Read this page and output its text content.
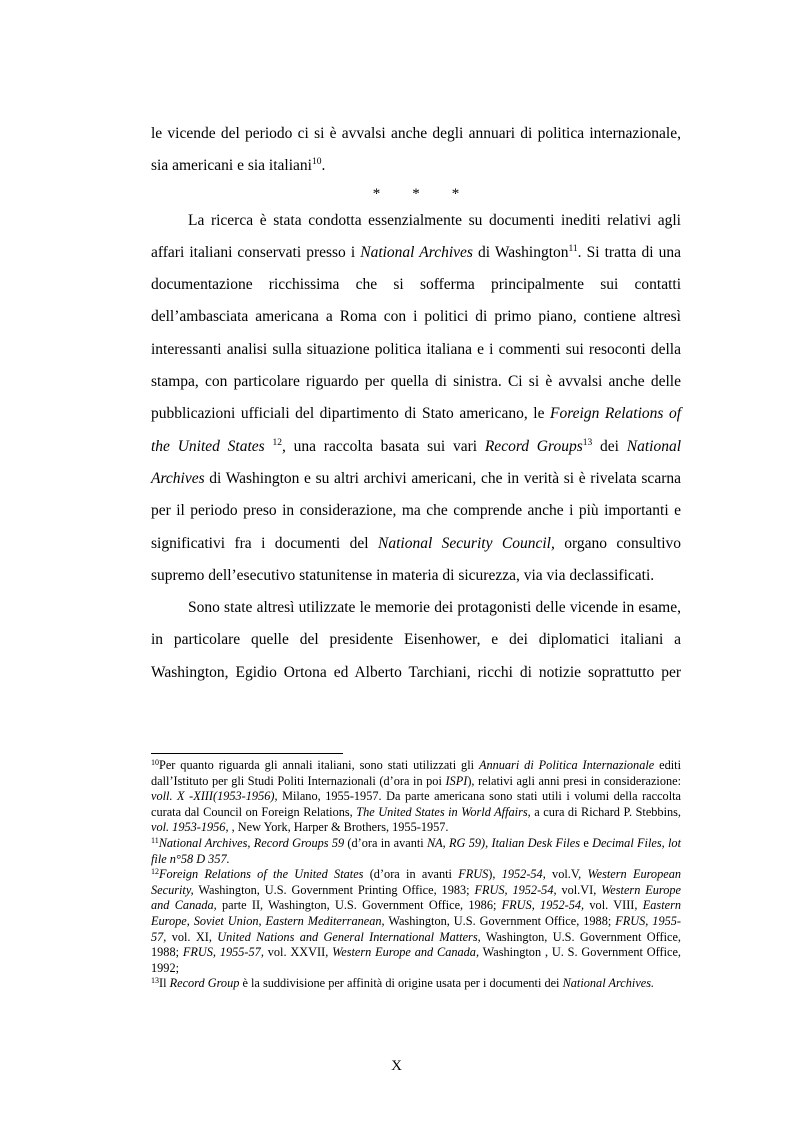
le vicende del periodo ci si è avvalsi anche degli annuari di politica internazionale, sia americani e sia italiani$^{10}$.

* * *

La ricerca è stata condotta essenzialmente su documenti inediti relativi agli affari italiani conservati presso i National Archives di Washington$^{11}$. Si tratta di una documentazione ricchissima che si sofferma principalmente sui contatti dell’ambasciata americana a Roma con i politici di primo piano, contiene altresì interessanti analisi sulla situazione politica italiana e i commenti sui resoconti della stampa, con particolare riguardo per quella di sinistra. Ci si è avvalsi anche delle pubblicazioni ufficiali del dipartimento di Stato americano, le Foreign Relations of the United States $^{12}$, una raccolta basata sui vari Record Groups$^{13}$ dei National Archives di Washington e su altri archivi americani, che in verità si è rivelata scarna per il periodo preso in considerazione, ma che comprende anche i più importanti e significativi fra i documenti del National Security Council, organo consultivo supremo dell’esecutivo statunitense in materia di sicurezza, via via declassificati.

Sono state altresì utilizzate le memorie dei protagonisti delle vicende in esame, in particolare quelle del presidente Eisenhower, e dei diplomatici italiani a Washington, Egidio Ortona ed Alberto Tarchiani, ricchi di notizie soprattutto per

$^{10}$Per quanto riguarda gli annali italiani, sono stati utilizzati gli Annuari di Politica Internazionale editi dall’Istituto per gli Studi Politi Internazionali (d’ora in poi ISPI), relativi agli anni presi in considerazione: voll. X -XIII(1953-1956), Milano, 1955-1957. Da parte americana sono stati utili i volumi della raccolta curata dal Council on Foreign Relations, The United States in World Affairs, a cura di Richard P. Stebbins, vol. 1953-1956, , New York, Harper & Brothers, 1955-1957.

$^{11}$National Archives, Record Groups 59 (d’ora in avanti NA, RG 59), Italian Desk Files e Decimal Files, lot file n°58 D 357.

$^{12}$Foreign Relations of the United States (d’ora in avanti FRUS), 1952-54, vol.V, Western European Security, Washington, U.S. Government Printing Office, 1983; FRUS, 1952-54, vol.VI, Western Europe and Canada, parte II, Washington, U.S. Government Office, 1986; FRUS, 1952-54, vol. VIII, Eastern Europe, Soviet Union, Eastern Mediterranean, Washington, U.S. Government Office, 1988; FRUS, 1955-57, vol. XI, United Nations and General International Matters, Washington, U.S. Government Office, 1988; FRUS, 1955-57, vol. XXVII, Western Europe and Canada, Washington , U. S. Government Office, 1992;

$^{13}$Il Record Group è la suddivisione per affinità di origine usata per i documenti dei National Archives.

X
